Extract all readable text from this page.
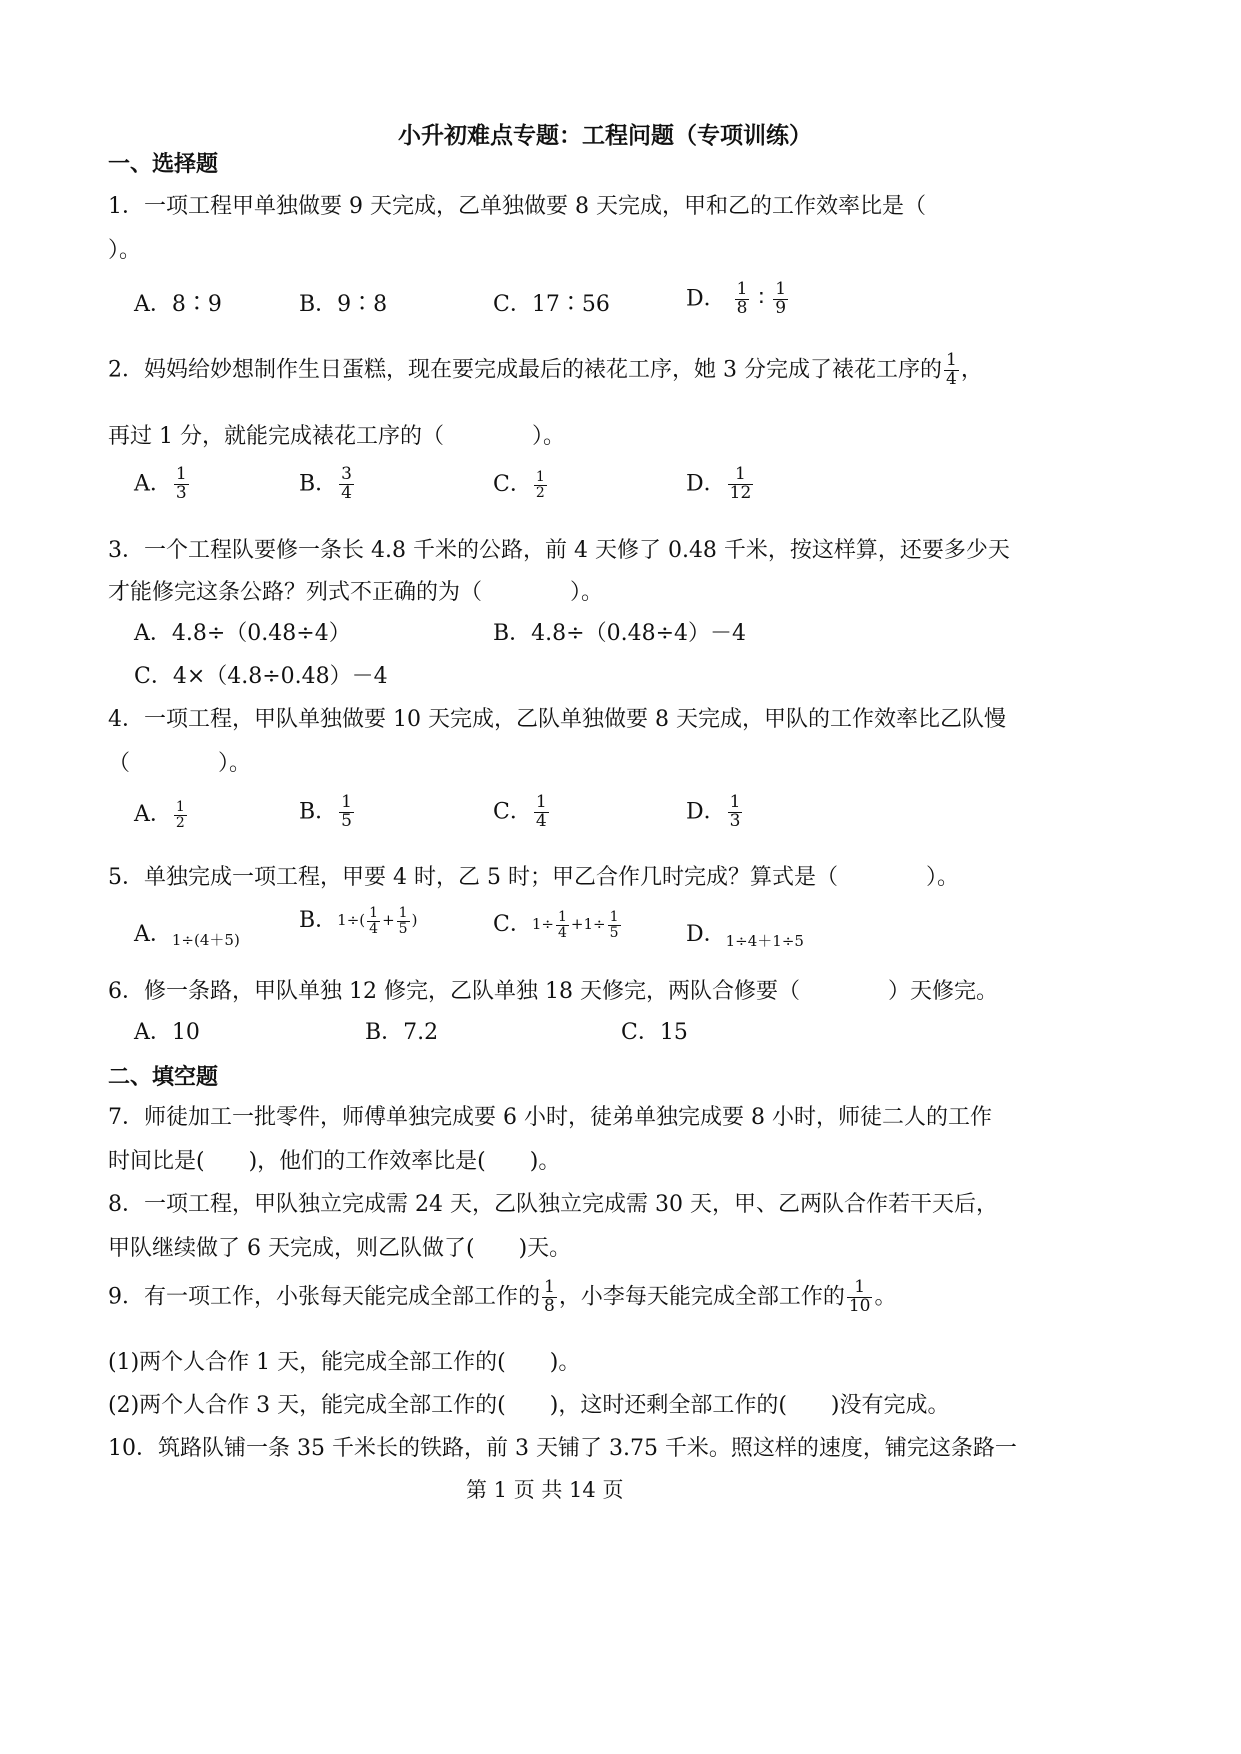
小升初难点专题：工程问题（专项训练）
一、选择题
1．一项工程甲单独做要 9 天完成，乙单独做要 8 天完成，甲和乙的工作效率比是（
）。
A．8∶9	B．9∶8	C．17∶56	D． $\frac{1}{8}$ ∶ $\frac{1}{9}$
2．妈妈给妙想制作生日蛋糕，现在要完成最后的裱花工序，她 3 分完成了裱花工序的 $\frac{1}{4}$ ，
再过 1 分，就能完成裱花工序的（　　　　）。
A． $\frac{1}{3}$	B． $\frac{3}{4}$	C． $\frac{1}{2}$	D． $\frac{1}{12}$
3．一个工程队要修一条长 4.8 千米的公路，前 4 天修了 0.48 千米，按这样算，还要多少天
才能修完这条公路？列式不正确的为（　　　　）。
A．4.8÷（0.48÷4）	B．4.8÷（0.48÷4）－4
C．4×（4.8÷0.48）－4
4．一项工程，甲队单独做要 10 天完成，乙队单独做要 8 天完成，甲队的工作效率比乙队慢
（　　　　）。
A． $\frac{1}{2}$	B． $\frac{1}{5}$	C． $\frac{1}{4}$	D． $\frac{1}{3}$
5．单独完成一项工程，甲要 4 时，乙 5 时；甲乙合作几时完成？算式是（　　　　）。
A．$_{1\div(4+5)}$
B．$1\div( \frac{1}{4} + \frac{1}{5}$ )	C．$1\div \frac{1}{4} +1\div \frac{1}{5}$	D．$_{1\div 4+1\div 5}$
6．修一条路，甲队单独 12 修完，乙队单独 18 天修完，两队合修要（　　　　）天修完。
A．10	B．7.2	C．15
二、填空题
7．师徒加工一批零件，师傅单独完成要 6 小时，徒弟单独完成要 8 小时，师徒二人的工作
时间比是(　　)，他们的工作效率比是(　　)。
8．一项工程，甲队独立完成需 24 天，乙队独立完成需 30 天，甲、乙两队合作若干天后，
甲队继续做了 6 天完成，则乙队做了(　　)天。
9．有一项工作，小张每天能完成全部工作的 $\frac{1}{8}$ ，小李每天能完成全部工作的 $\frac{1}{10}$ 。
(1)两个人合作 1 天，能完成全部工作的(　　)。
(2)两个人合作 3 天，能完成全部工作的(　　)，这时还剩全部工作的(　　)没有完成。
10．筑路队铺一条 35 千米长的铁路，前 3 天铺了 3.75 千米。照这样的速度，铺完这条路一
第 1 页 共 14 页
